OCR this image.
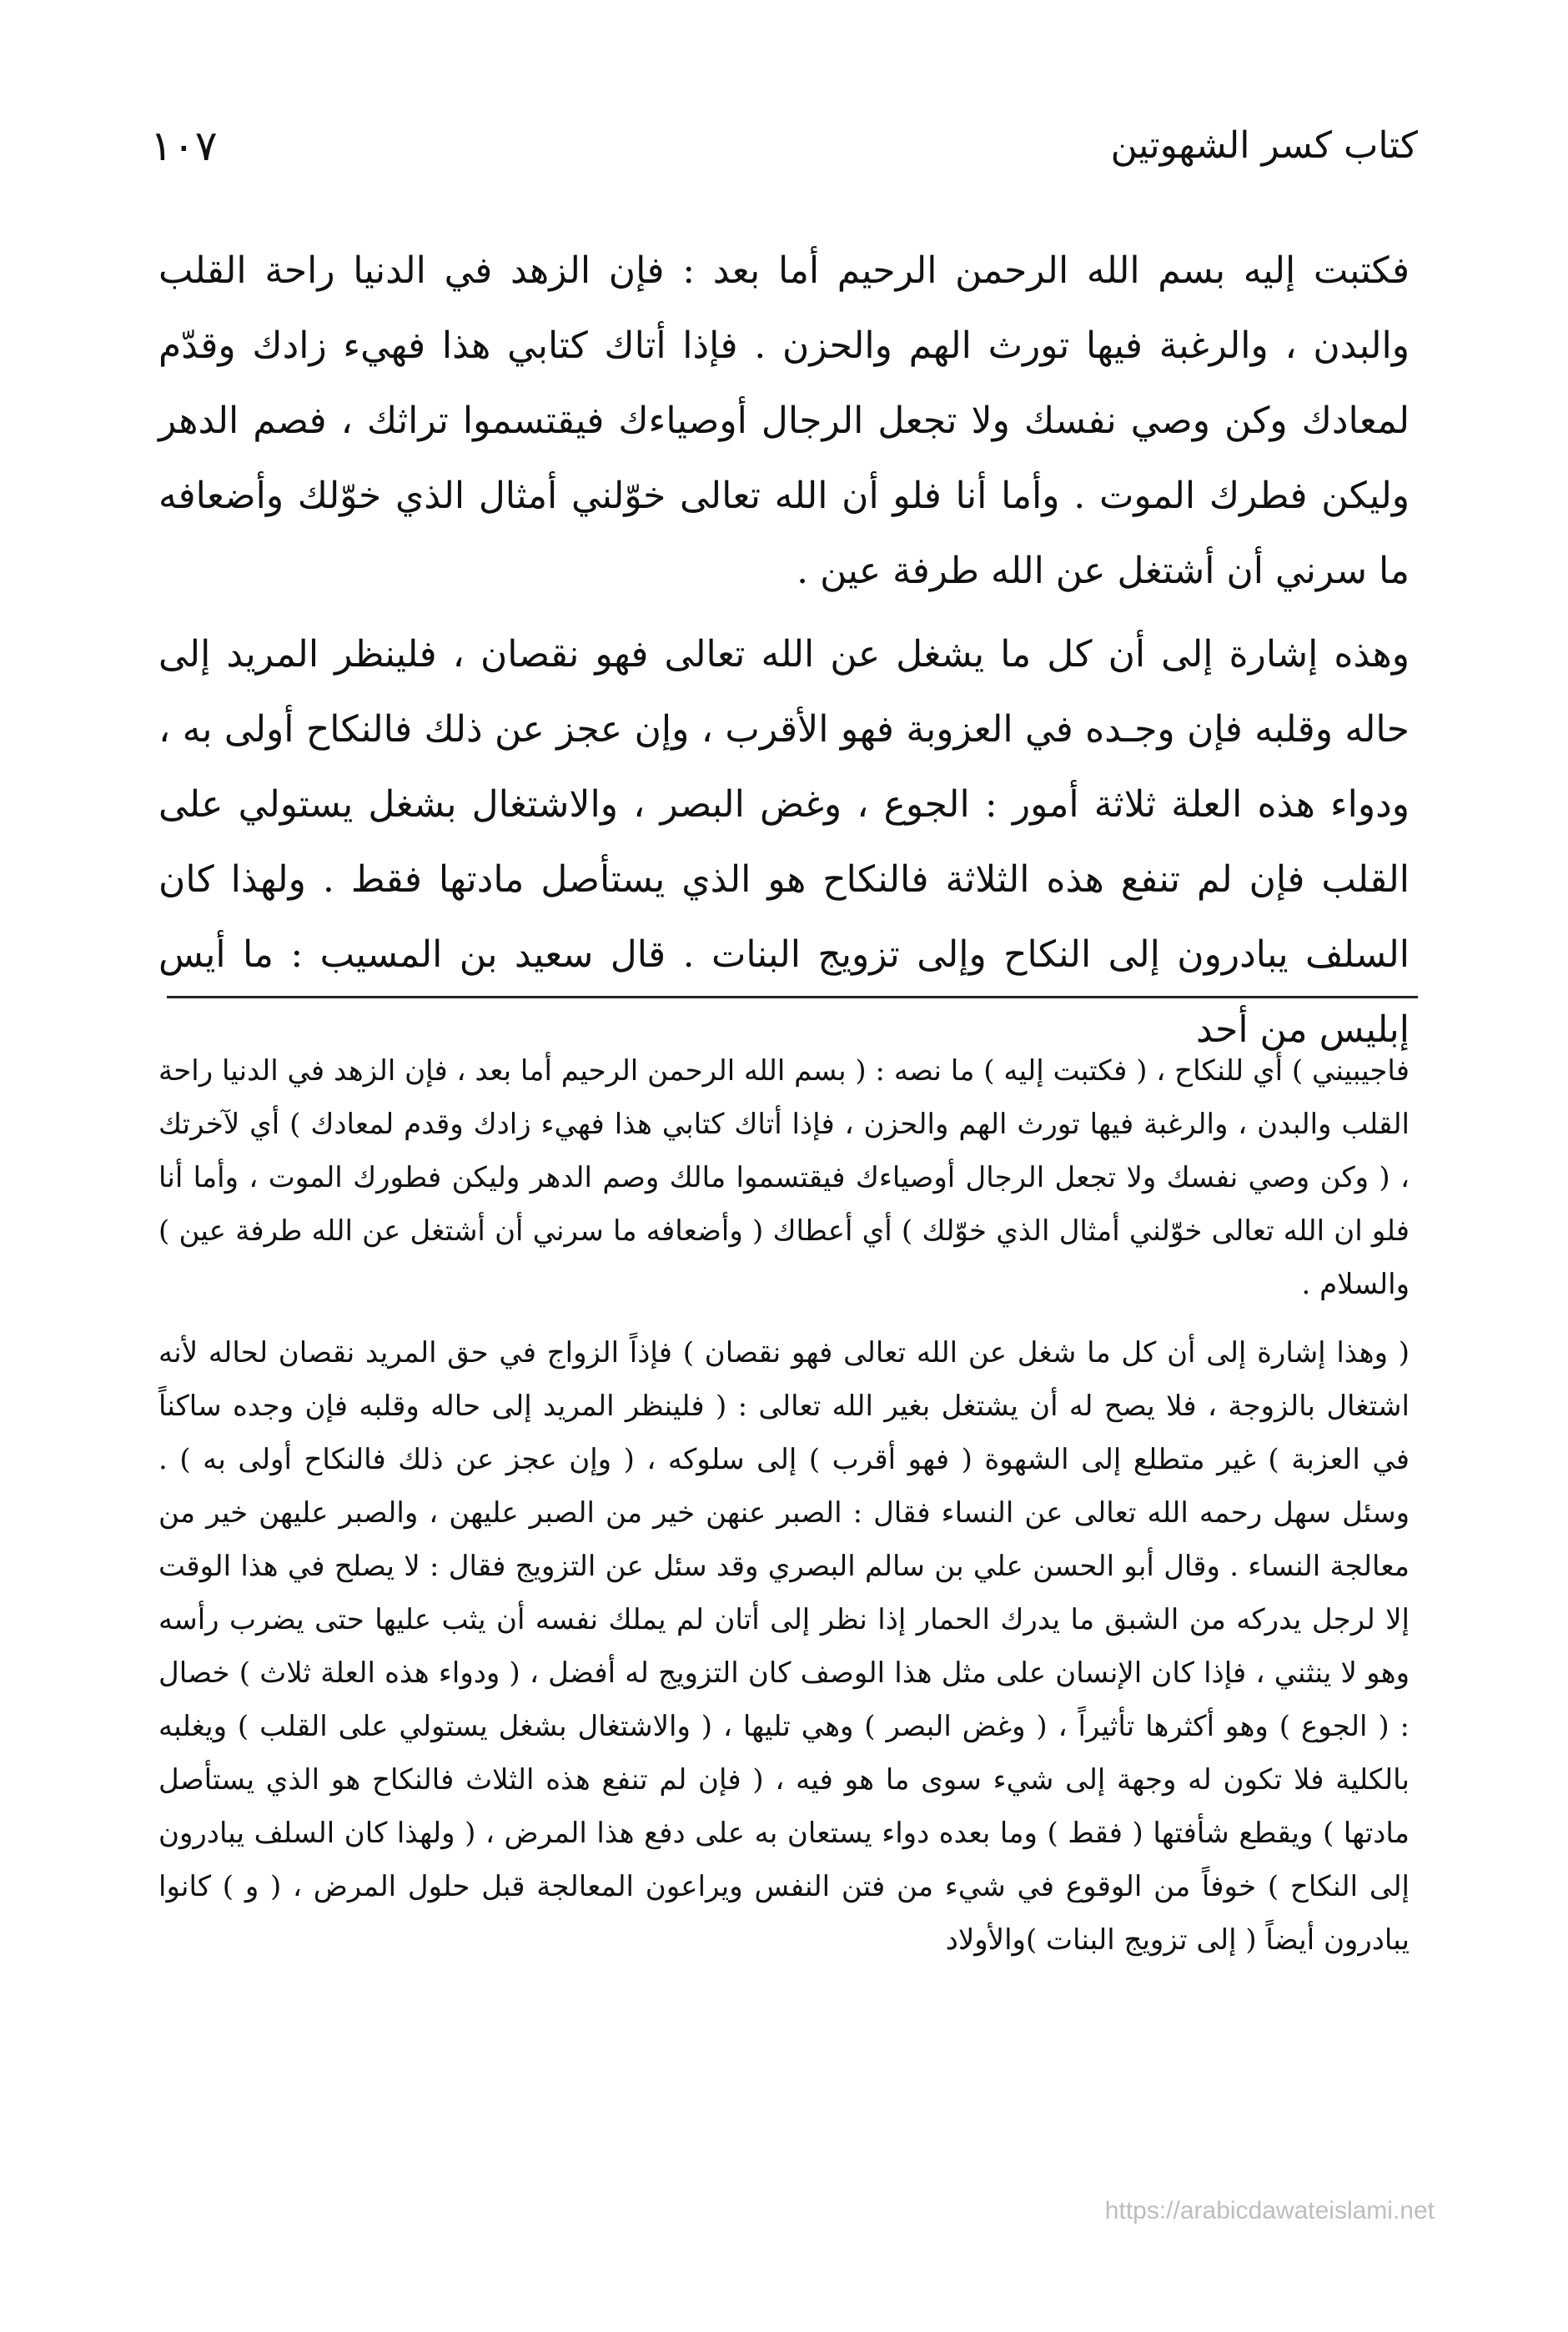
كتاب كسر الشهوتين
١٠٧

فكتبت إليه بسم الله الرحمن الرحيم أما بعد : فإن الزهد في الدنيا راحة القلب والبدن ، والرغبة فيها تورث الهم والحزن . فإذا أتاك كتابي هذا فهيء زادك وقدّم لمعادك وكن وصي نفسك ولا تجعل الرجال أوصياءك فيقتسموا تراثك ، فصم الدهر وليكن فطرك الموت . وأما أنا فلو أن الله تعالى خوّلني أمثال الذي خوّلك وأضعافه ما سرني أن أشتغل عن الله طرفة عين .

وهذه إشارة إلى أن كل ما يشغل عن الله تعالى فهو نقصان ، فلينظر المريد إلى حاله وقلبه فإن وجـده في العزوبة فهو الأقرب ، وإن عجز عن ذلك فالنكاح أولى به ، ودواء هذه العلة ثلاثة أمور : الجوع ، وغض البصر ، والاشتغال بشغل يستولي على القلب فإن لم تنفع هذه الثلاثة فالنكاح هو الذي يستأصل مادتها فقط . ولهذا كان السلف يبادرون إلى النكاح وإلى تزويج البنات . قال سعيد بن المسيب : ما أيس إبليس من أحد

فاجيبيني ) أي للنكاح ، ( فكتبت إليه ) ما نصه : ( بسم الله الرحمن الرحيم أما بعد ، فإن الزهد في الدنيا راحة القلب والبدن ، والرغبة فيها تورث الهم والحزن ، فإذا أتاك كتابي هذا فهيء زادك وقدم لمعادك ) أي لآخرتك ، ( وكن وصي نفسك ولا تجعل الرجال أوصياءك فيقتسموا مالك وصم الدهر وليكن فطورك الموت ، وأما أنا فلو ان الله تعالى خوّلني أمثال الذي خوّلك ) أي أعطاك ( وأضعافه ما سرني أن أشتغل عن الله طرفة عين ) والسلام .

( وهذا إشارة إلى أن كل ما شغل عن الله تعالى فهو نقصان ) فإذاً الزواج في حق المريد نقصان لحاله لأنه اشتغال بالزوجة ، فلا يصح له أن يشتغل بغير الله تعالى : ( فلينظر المريد إلى حاله وقلبه فإن وجده ساكناً في العزبة ) غير متطلع إلى الشهوة ( فهو أقرب ) إلى سلوكه ، ( وإن عجز عن ذلك فالنكاح أولى به ) . وسئل سهل رحمه الله تعالى عن النساء فقال : الصبر عنهن خير من الصبر عليهن ، والصبر عليهن خير من معالجة النساء . وقال أبو الحسن علي بن سالم البصري وقد سئل عن التزويج فقال : لا يصلح في هذا الوقت إلا لرجل يدركه من الشبق ما يدرك الحمار إذا نظر إلى أتان لم يملك نفسه أن يثب عليها حتى يضرب رأسه وهو لا ينثني ، فإذا كان الإنسان على مثل هذا الوصف كان التزويج له أفضل ، ( ودواء هذه العلة ثلاث ) خصال : ( الجوع ) وهو أكثرها تأثيراً ، ( وغض البصر ) وهي تليها ، ( والاشتغال بشغل يستولي على القلب ) ويغلبه بالكلية فلا تكون له وجهة إلى شيء سوى ما هو فيه ، ( فإن لم تنفع هذه الثلاث فالنكاح هو الذي يستأصل مادتها ) ويقطع شأفتها ( فقط ) وما بعده دواء يستعان به على دفع هذا المرض ، ( ولهذا كان السلف يبادرون إلى النكاح ) خوفاً من الوقوع في شيء من فتن النفس ويراعون المعالجة قبل حلول المرض ، ( و ) كانوا يبادرون أيضاً ( إلى تزويج البنات )والأولاد

https://arabicdawateislami.net
